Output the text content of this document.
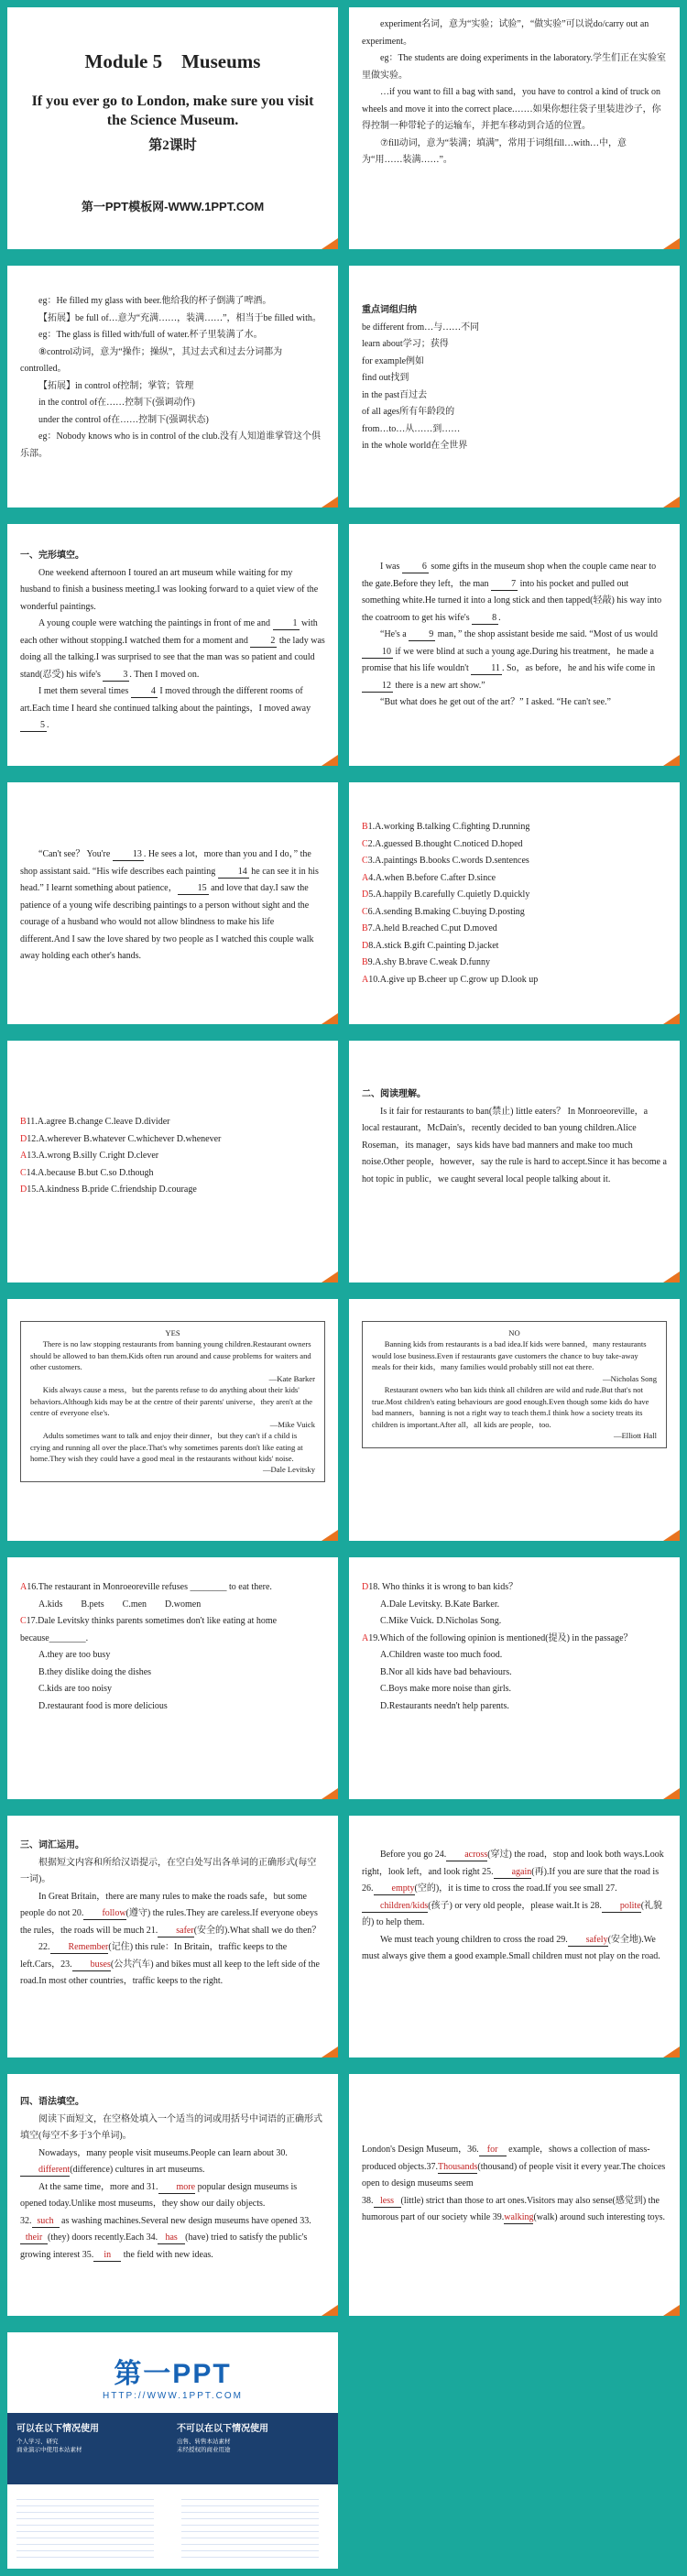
Module 5　Museums
If you ever go to London, make sure you visit the Science Museum.
第2课时
第一PPT模板网-WWW.1PPT.COM

experiment名词，意为“实验；试验”，“做实验”可以说do/carry out an experiment。

eg：The students are doing experiments in the laboratory.学生们正在实验室里做实验。

…if you want to fill a bag with sand，you have to control a kind of truck on wheels and move it into the correct place.……如果你想往袋子里装进沙子，你得控制一种带轮子的运输车，并把车移动到合适的位置。

⑦fill动词，意为“装满；填满”，常用于词组fill…with…中，意为“用……装满……”。

eg：He filled my glass with beer.他给我的杯子倒满了啤酒。

【拓展】be full of…意为“充满……，装满……”，相当于be filled with。

eg：The glass is filled with/full of water.杯子里装满了水。

⑧control动词，意为“操作；操纵”，其过去式和过去分词都为controlled。

【拓展】in control of控制；掌管；管理

in the control of在……控制下(强调动作)

under the control of在……控制下(强调状态)

eg：Nobody knows who is in control of the club.没有人知道谁掌管这个俱乐部。

重点词组归纳

be different from…与……不同

learn about学习；获得

for example例如

find out找到

in the past百过去

of all ages所有年龄段的

from…to…从……到……

in the whole world在全世界

一、完形填空。

One weekend afternoon I toured an art museum while waiting for my husband to finish a business meeting.I was looking forward to a quiet view of the wonderful paintings.

A young couple were watching the paintings in front of me and 1 with each other without stopping.I watched them for a moment and 2 the lady was doing all the talking.I was surprised to see that the man was so patient and could stand(忍受) his wife's 3 . Then I moved on.

I met them several times 4 I moved through the different rooms of art.Each time I heard she continued talking about the paintings，I moved away 5 .

I was 6 some gifts in the museum shop when the couple came near to the gate.Before they left，the man 7 into his pocket and pulled out something white.He turned it into a long stick and then tapped(轻敲) his way into the coatroom to get his wife's 8 .

“He's a 9 man，” the shop assistant beside me said. “Most of us would 10 if we were blind at such a young age.During his treatment，he made a promise that his life wouldn't 11 . So，as before，he and his wife come in 12 there is a new art show.”

“But what does he get out of the art？” I asked. “He can't see.”

“Can't see？ You're 13 . He sees a lot，more than you and I do，” the shop assistant said. “His wife describes each painting 14 he can see it in his head.” I learnt something about patience， 15 and love that day.I saw the patience of a young wife describing paintings to a person without sight and the courage of a husband who would not allow blindness to make his life different.And I saw the love shared by two people as I watched this couple walk away holding each other's hands.

B1.A.working B.talking C.fighting D.running

C2.A.guessed B.thought C.noticed D.hoped

C3.A.paintings B.books C.words D.sentences

A4.A.when B.before C.after D.since

D5.A.happily B.carefully C.quietly D.quickly

C6.A.sending B.making C.buying D.posting

B7.A.held B.reached C.put D.moved

D8.A.stick B.gift C.painting D.jacket

B9.A.shy B.brave C.weak D.funny

A10.A.give up B.cheer up C.grow up D.look up

B11.A.agree B.change C.leave D.divider

D12.A.wherever B.whatever C.whichever D.whenever

A13.A.wrong B.silly C.right D.clever

C14.A.because B.but C.so D.though

D15.A.kindness B.pride C.friendship D.courage

二、阅读理解。

Is it fair for restaurants to ban(禁止) little eaters？ In Monroeoreville，a local restaurant，McDain's，recently decided to ban young children.Alice Roseman，its manager，says kids have bad manners and make too much noise.Other people，however，say the rule is hard to accept.Since it has become a hot topic in public，we caught several local people talking about it.

YES

There is no law stopping restaurants from banning young children.Restaurant owners should be allowed to ban them.Kids often run around and cause problems for waiters and other customers.

—Kate Barker

Kids always cause a mess，but the parents refuse to do anything about their kids' behaviors.Although kids may be at the centre of their parents' universe，they aren't at the centre of everyone else's.

—Mike Vuick

Adults sometimes want to talk and enjoy their dinner，but they can't if a child is crying and running all over the place.That's why sometimes parents don't like eating at home.They wish they could have a good meal in the restaurants without kids' noise.

—Dale Levitsky
NO

Banning kids from restaurants is a bad idea.If kids were banned，many restaurants would lose business.Even if restaurants gave customers the chance to buy take-away meals for their kids，many families would probably still not eat there.

—Nicholas Song

Restaurant owners who ban kids think all children are wild and rude.But that's not true.Most children's eating behaviours are good enough.Even though some kids do have bad manners，banning is not a right way to teach them.I think how a society treats its children is important.After all，all kids are people，too.

—Elliott Hall

A16.The restaurant in Monroeoreville refuses ________ to eat there.

A.kids　　B.pets　　C.men　　D.women

C17.Dale Levitsky thinks parents sometimes don't like eating at home because________.

A.they are too busy

B.they dislike doing the dishes

C.kids are too noisy

D.restaurant food is more delicious

D18. Who thinks it is wrong to ban kids？

A.Dale Levitsky. B.Kate Barker.

C.Mike Vuick. D.Nicholas Song.

A19.Which of the following opinion is mentioned(提及) in the passage？

A.Children waste too much food.

B.Nor all kids have bad behaviours.

C.Boys make more noise than girls.

D.Restaurants needn't help parents.

三、词汇运用。

根据短文内容和所给汉语提示，在空白处写出各单词的正确形式(每空一词)。

In Great Britain，there are many rules to make the roads safe，but some people do not 20. follow(遵守) the rules.They are careless.If everyone obeys the rules，the roads will be much 21. safer(安全的).What shall we do then？

22. Remember(记住) this rule：In Britain，traffic keeps to the left.Cars，23. buses(公共汽车) and bikes must all keep to the left side of the road.In most other countries，traffic keeps to the right.

Before you go 24. across(穿过) the road，stop and look both ways.Look right，look left，and look right 25. again(再).If you are sure that the road is 26. empty(空的)，it is time to cross the road.If you see small 27.children/kids(孩子) or very old people，please wait.It is 28. polite(礼貌的) to help them.

We must teach young children to cross the road 29. safely(安全地).We must always give them a good example.Small children must not play on the road.

四、语法填空。

阅读下面短文，在空格处填入一个适当的词或用括号中词语的正确形式填空(每空不多于3个单词)。

Nowadays，many people visit museums.People can learn about 30.different(difference) cultures in art museums.

At the same time，more and 31. more popular design museums is opened today.Unlike most museums，they show our daily objects.

32. such as washing machines.Several new design museums have opened 33.their (they) doors recently.Each 34. has (have) tried to satisfy the public's growing interest 35. in the field with new ideas.

London's Design Museum，36. for example，shows a collection of mass-produced objects.37.Thousands(thousand) of people visit it every year.The choices open to design museums seem

38. less (little) strict than those to art ones.Visitors may also sense(感觉到) the humorous part of our society while 39.walking(walk) around such interesting toys.

第一PPT
HTTP://WWW.1PPT.COM
可以在以下情况使用
个人学习、研究
商业演示中使用本站素材
不可以在以下情况使用
出售、转售本站素材
未经授权的商业用途
